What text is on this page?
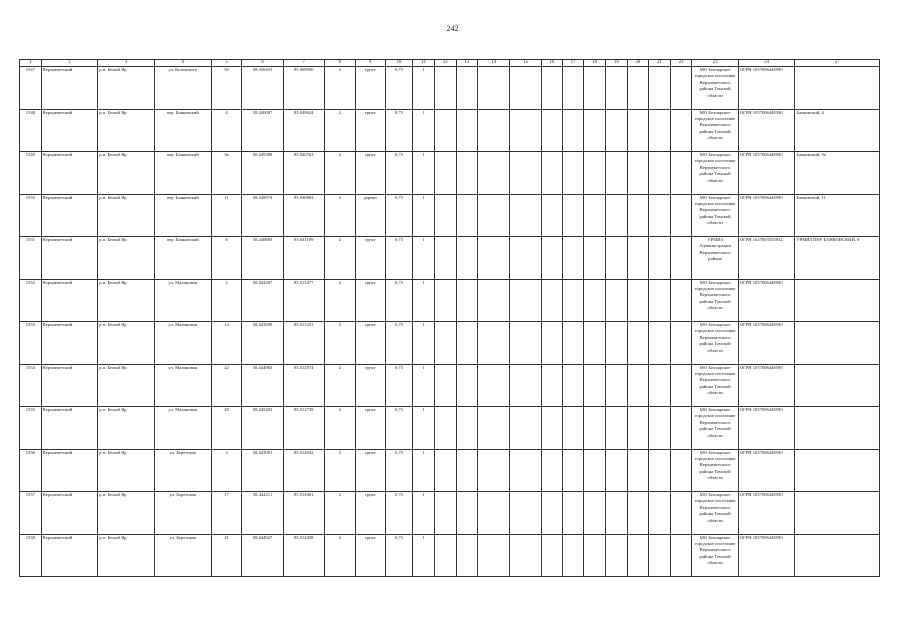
242
1	2	3	4	5	6	7	8	9	10	11	12	13	14	15	16	17	18	19	20	21	22	23	24	27
1547	Верхнекетский	р.п. Белый Яр	ул. Котовского	50	58.436453	85.009930	2	грунт	0,75	1												МО Белоярское городское поселение Верхнекетского района Томской области	ОГРН 1057006448590	
1548	Верхнекетский	р.п. Белый Яр	пер. Банковский	4	58.440087	85.040624	2	грунт	0,75	1												МО Белоярское городское поселение Верхнекетского района Томской области	ОГРН 1057006448590	Банковский, 4
1549	Верхнекетский	р.п. Белый Яр	пер. Банковский	9а	58.449388	85.040763	2	грунт	0,75	1												МО Белоярское городское поселение Верхнекетского района Томской области	ОГРН 1057006448590	Банковский, 9а
1550	Верхнекетский	р.п. Белый Яр	пер. Банковский	11	58.449974	85.040803	2	дерево	0,75	1												МО Белоярское городское поселение Верхнекетского района Томской области	ОГРН 1057006448590	Банковский, 11
1551	Верхнекетский	р.п. Белый Яр	пер. Банковский	8	58.440803	85.041109	2	грунт	0,75	1												УРМИЗ Администрации Верхнекетского района	ОГРН 1027003553932	УРМИЗ ПЕР. БАНКОВСКИЙ, 8
1552	Верхнекетский	р.п. Белый Яр	ул. Малиновая	2	58.442307	85.013477	2	грунт	0,75	1												МО Белоярское городское поселение Верхнекетского района Томской области	ОГРН 1057006448590	
1553	Верхнекетский	р.п. Белый Яр	ул. Малиновая	14	58.443599	85.013253	2	грунт	0,75	1												МО Белоярское городское поселение Верхнекетского района Томской области	ОГРН 1057006448590	
1554	Верхнекетский	р.п. Белый Яр	ул. Малиновая	22	58.444963	85.012974	2	грунт	0,75	1												МО Белоярское городское поселение Верхнекетского района Томской области	ОГРН 1057006448590	
1555	Верхнекетский	р.п. Белый Яр	ул. Малиновая	28	58.445203	85.012739	2	грунт	0,75	1												МО Белоярское городское поселение Верхнекетского района Томской области	ОГРН 1057006448590	
1556	Верхнекетский	р.п. Белый Яр	ул. Березовая	3	58.443001	85.014942	2	грунт	0,75	1												МО Белоярское городское поселение Верхнекетского района Томской области	ОГРН 1057006448590	
1557	Верхнекетский	р.п. Белый Яр	ул. Березовая	17	58.444211	85.014461	2	грунт	0,75	1												МО Белоярское городское поселение Верхнекетского района Томской области	ОГРН 1057006448590	
1558	Верхнекетский	р.п. Белый Яр	ул. Березовая	21	58.444927	85.014358	2	грунт	0,75	1												МО Белоярское городское поселение Верхнекетского района Томской области	ОГРН 1057006448590	
